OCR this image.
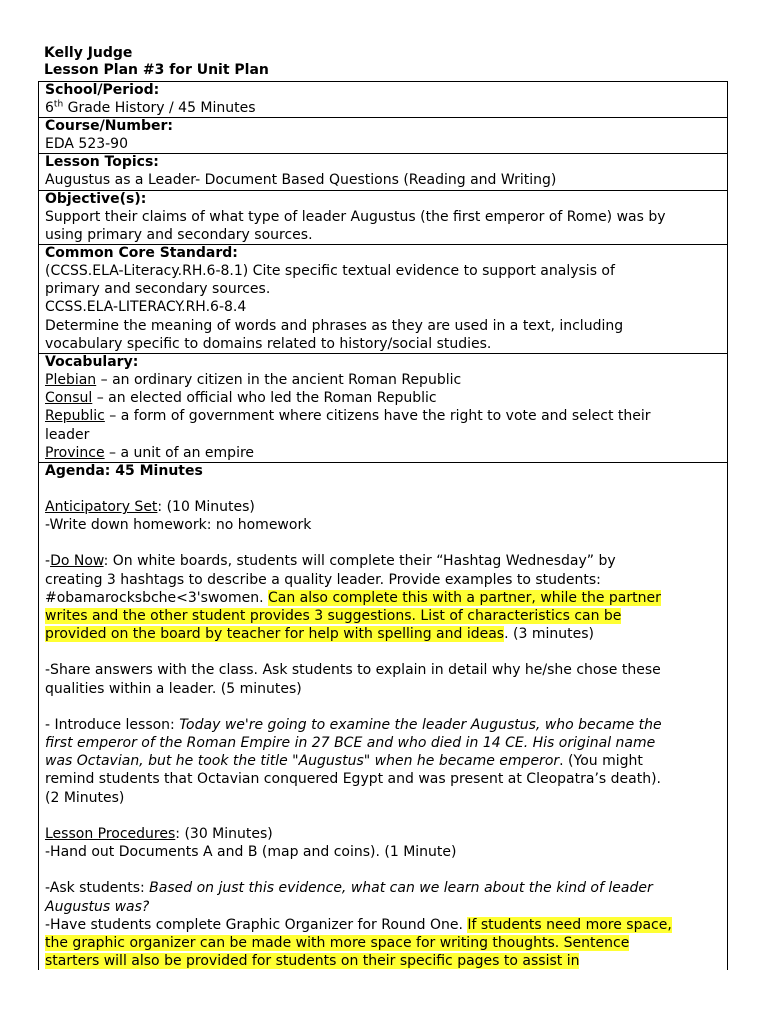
Kelly Judge
Lesson Plan #3 for Unit Plan
School/Period:
6th Grade History / 45 Minutes

Course/Number:
EDA 523-90

Lesson Topics:
Augustus as a Leader- Document Based Questions (Reading and Writing)

Objective(s):
Support their claims of what type of leader Augustus (the first emperor of Rome) was by
using primary and secondary sources.

Common Core Standard:
(CCSS.ELA-Literacy.RH.6-8.1) Cite specific textual evidence to support analysis of
primary and secondary sources.
CCSS.ELA-LITERACY.RH.6-8.4
Determine the meaning of words and phrases as they are used in a text, including
vocabulary specific to domains related to history/social studies.

Vocabulary:
Plebian – an ordinary citizen in the ancient Roman Republic
Consul – an elected official who led the Roman Republic
Republic – a form of government where citizens have the right to vote and select their
leader
Province – a unit of an empire

Agenda: 45 Minutes
Anticipatory Set: (10 Minutes)
-Write down homework: no homework
-Do Now: On white boards, students will complete their “Hashtag Wednesday” by
creating 3 hashtags to describe a quality leader. Provide examples to students:
#obamarocksbche<3'swomen. Can also complete this with a partner, while the partner
writes and the other student provides 3 suggestions. List of characteristics can be
provided on the board by teacher for help with spelling and ideas. (3 minutes)
-Share answers with the class. Ask students to explain in detail why he/she chose these
qualities within a leader. (5 minutes)
- Introduce lesson: Today we're going to examine the leader Augustus, who became the
first emperor of the Roman Empire in 27 BCE and who died in 14 CE. His original name
was Octavian, but he took the title "Augustus" when he became emperor. (You might
remind students that Octavian conquered Egypt and was present at Cleopatra’s death).
(2 Minutes)
Lesson Procedures: (30 Minutes)
-Hand out Documents A and B (map and coins). (1 Minute)
-Ask students: Based on just this evidence, what can we learn about the kind of leader
Augustus was?
-Have students complete Graphic Organizer for Round One. If students need more space,
the graphic organizer can be made with more space for writing thoughts. Sentence
starters will also be provided for students on their specific pages to assist in
